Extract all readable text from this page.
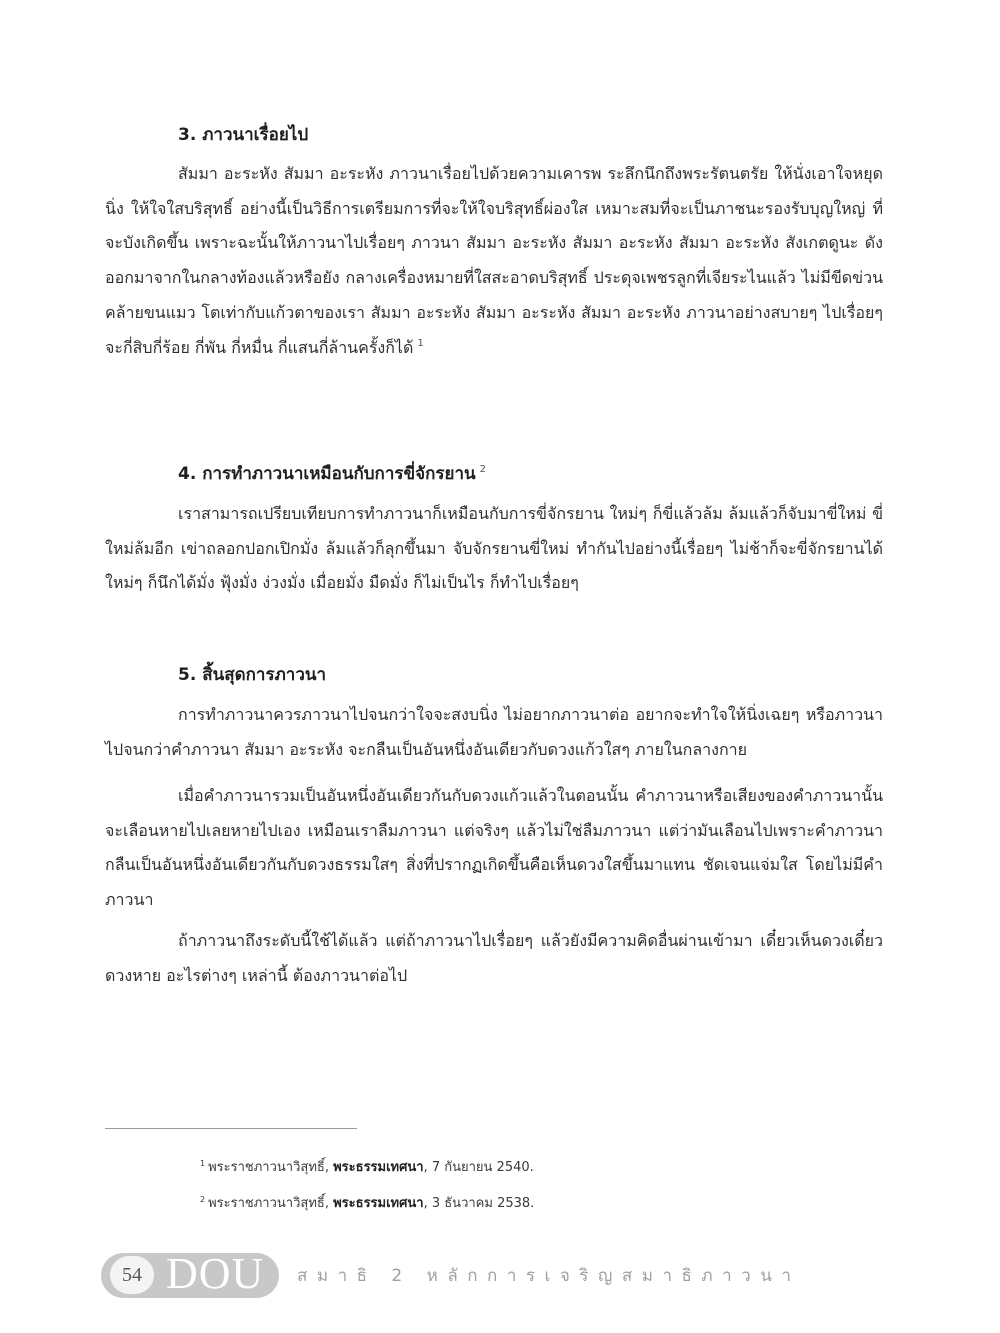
3. ภาวนาเรื่อยไป

สัมมา อะระหัง สัมมา อะระหัง ภาวนาเรื่อยไปด้วยความเคารพ ระลึกนึกถึงพระรัตนตรัย ให้นั่งเอาใจหยุดนิ่ง ให้ใจใสบริสุทธิ์ อย่างนี้เป็นวิธีการเตรียมการที่จะให้ใจบริสุทธิ์ผ่องใส เหมาะสมที่จะเป็นภาชนะรองรับบุญใหญ่ ที่จะบังเกิดขึ้น เพราะฉะนั้นให้ภาวนาไปเรื่อยๆ ภาวนา สัมมา อะระหัง สัมมา อะระหัง สัมมา อะระหัง สังเกตดูนะ ดังออกมาจากในกลางท้องแล้วหรือยัง กลางเครื่องหมายที่ใสสะอาดบริสุทธิ์ ประดุจเพชรลูกที่เจียระไนแล้ว ไม่มีขีดข่วนคล้ายขนแมว โตเท่ากับแก้วตาของเรา สัมมา อะระหัง สัมมา อะระหัง สัมมา อะระหัง ภาวนาอย่างสบายๆ ไปเรื่อยๆ จะกี่สิบกี่ร้อย กี่พัน กี่หมื่น กี่แสนกี่ล้านครั้งก็ได้ $^1$

4. การทำภาวนาเหมือนกับการขี่จักรยาน $^2$

เราสามารถเปรียบเทียบการทำภาวนาก็เหมือนกับการขี่จักรยาน ใหม่ๆ ก็ขี่แล้วล้ม ล้มแล้วก็จับมาขี่ใหม่ ขี่ใหม่ล้มอีก เข่าถลอกปอกเปิกมั่ง ล้มแล้วก็ลุกขึ้นมา จับจักรยานขี่ใหม่ ทำกันไปอย่างนี้เรื่อยๆ ไม่ช้าก็จะขี่จักรยานได้ ใหม่ๆ ก็นึกได้มั่ง ฟุ้งมั่ง ง่วงมั่ง เมื่อยมั่ง มืดมั่ง ก็ไม่เป็นไร ก็ทำไปเรื่อยๆ

5. สิ้นสุดการภาวนา

การทำภาวนาควรภาวนาไปจนกว่าใจจะสงบนิ่ง ไม่อยากภาวนาต่อ อยากจะทำใจให้นิ่งเฉยๆ หรือภาวนาไปจนกว่าคำภาวนา สัมมา อะระหัง จะกลืนเป็นอันหนึ่งอันเดียวกับดวงแก้วใสๆ ภายในกลางกาย

เมื่อคำภาวนารวมเป็นอันหนึ่งอันเดียวกันกับดวงแก้วแล้วในตอนนั้น คำภาวนาหรือเสียงของคำภาวนานั้นจะเลือนหายไปเลยหายไปเอง เหมือนเราลืมภาวนา แต่จริงๆ แล้วไม่ใช่ลืมภาวนา แต่ว่ามันเลือนไปเพราะคำภาวนากลืนเป็นอันหนึ่งอันเดียวกันกับดวงธรรมใสๆ สิ่งที่ปรากฏเกิดขึ้นคือเห็นดวงใสขึ้นมาแทน ชัดเจนแจ่มใส โดยไม่มีคำภาวนา

ถ้าภาวนาถึงระดับนี้ใช้ได้แล้ว แต่ถ้าภาวนาไปเรื่อยๆ แล้วยังมีความคิดอื่นผ่านเข้ามา เดี๋ยวเห็นดวงเดี๋ยวดวงหาย อะไรต่างๆ เหล่านี้ ต้องภาวนาต่อไป

$^1$ พระราชภาวนาวิสุทธิ์, พระธรรมเทศนา, 7 กันยายน 2540.
$^2$ พระราชภาวนาวิสุทธิ์, พระธรรมเทศนา, 3 ธันวาคม 2538.
54 DOU สมาธิ 2 หลักการเจริญสมาธิภาวนา
